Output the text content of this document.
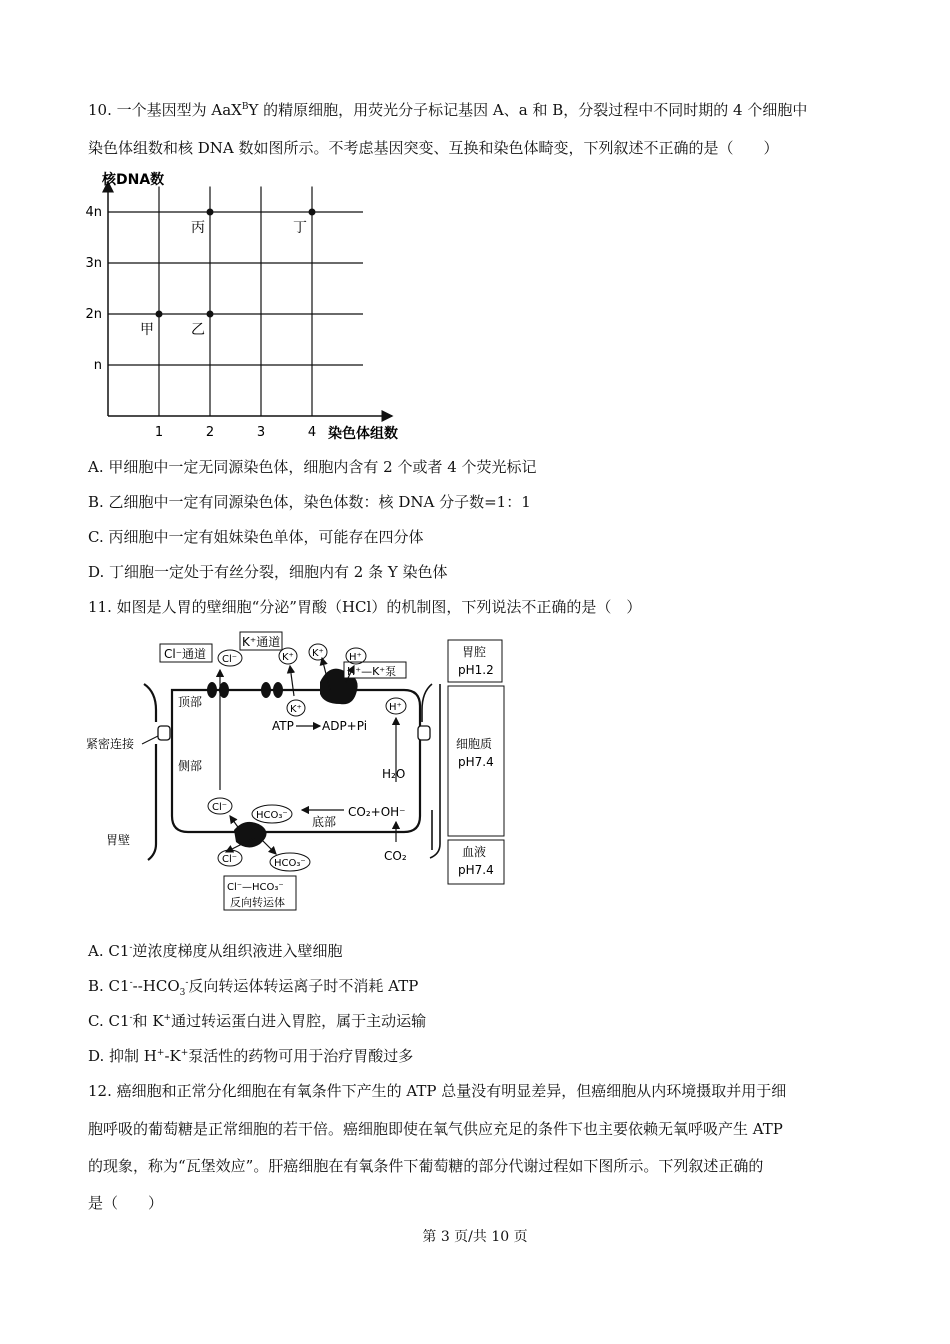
10. 一个基因型为 AaX$^B$Y 的精原细胞，用荧光分子标记基因 A、a 和 B，分裂过程中不同时期的 4 个细胞中
染色体组数和核 DNA 数如图所示。不考虑基因突变、互换和染色体畸变，下列叙述不正确的是（　　）
核DNA数
染色体组数
n
2n
3n
4n
1	2	3	4
甲	乙
丙	丁
A. 甲细胞中一定无同源染色体，细胞内含有 2 个或者 4 个荧光标记
B. 乙细胞中一定有同源染色体，染色体数：核 DNA 分子数=1：1
C. 丙细胞中一定有姐妹染色单体，可能存在四分体
D. 丁细胞一定处于有丝分裂，细胞内有 2 条 Y 染色体
11. 如图是人胃的壁细胞“分泌”胃酸（HCl）的机制图，下列说法不正确的是（　）
Cl⁻通道
K⁺通道
H⁺—K⁺泵
Cl⁻	K⁺ K⁺	H⁺
K⁺	H⁺
Cl⁻
HCO₃⁻
Cl⁻	HCO₃⁻
ATP ADP+Pi
顶部
紧密连接
侧部
底部
胃壁
H₂O
CO₂+OH⁻
CO₂
Cl⁻—HCO₃⁻
反向转运体
胃腔
pH1.2
细胞质
pH7.4
血液
pH7.4
A. C1-逆浓度梯度从组织液进入壁细胞
B. $C1^---HCO_3^-$反向转运体转运离子时不消耗 ATP
C. C1-和 K+通过转运蛋白进入胃腔，属于主动运输
D. 抑制 H+-K+泵活性的药物可用于治疗胃酸过多
12. 癌细胞和正常分化细胞在有氧条件下产生的 ATP 总量没有明显差异，但癌细胞从内环境摄取并用于细
胞呼吸的葡萄糖是正常细胞的若干倍。癌细胞即使在氧气供应充足的条件下也主要依赖无氧呼吸产生 ATP
的现象，称为“瓦堡效应”。肝癌细胞在有氧条件下葡萄糖的部分代谢过程如下图所示。下列叙述正确的
是（　　）
第 3 页/共 10 页
